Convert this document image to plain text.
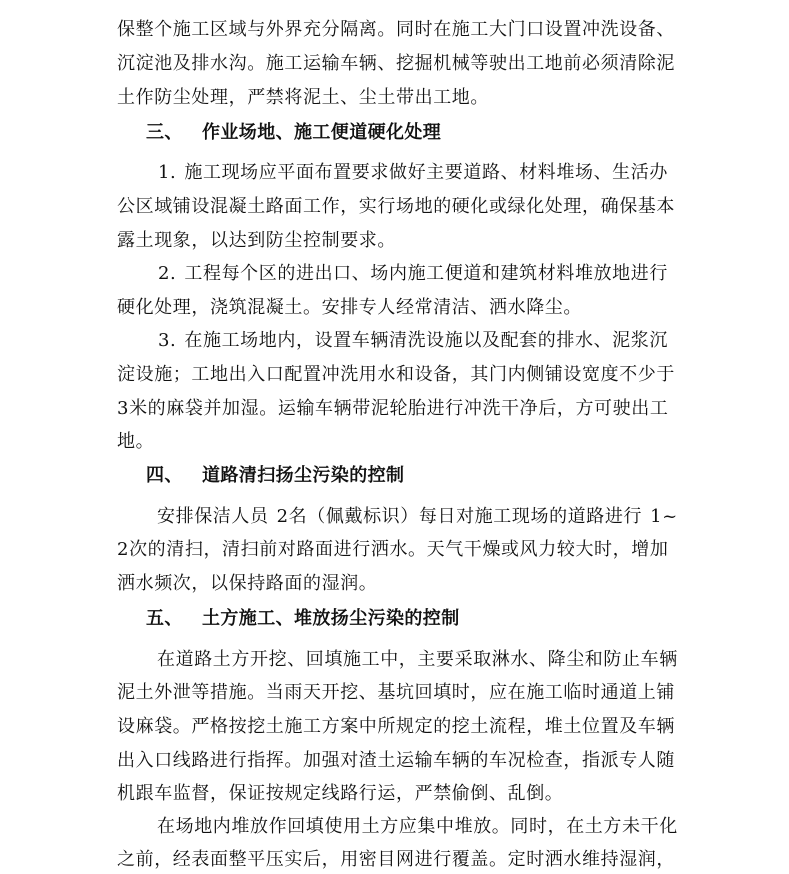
保整个施工区域与外界充分隔离。同时在施工大门口设置冲洗设备、
沉淀池及排水沟。施工运输车辆、挖掘机械等驶出工地前必须清除泥
土作防尘处理，严禁将泥土、尘土带出工地。
三、 作业场地、施工便道硬化处理
1. 施工现场应平面布置要求做好主要道路、材料堆场、生活办
公区域铺设混凝土路面工作，实行场地的硬化或绿化处理，确保基本
露土现象，以达到防尘控制要求。
2. 工程每个区的进出口、场内施工便道和建筑材料堆放地进行
硬化处理，浇筑混凝土。安排专人经常清洁、洒水降尘。
3. 在施工场地内，设置车辆清洗设施以及配套的排水、泥浆沉
淀设施；工地出入口配置冲洗用水和设备，其门内侧铺设宽度不少于
3米的麻袋并加湿。运输车辆带泥轮胎进行冲洗干净后，方可驶出工
地。
四、 道路清扫扬尘污染的控制
安排保洁人员 2名（佩戴标识）每日对施工现场的道路进行 1~
2次的清扫，清扫前对路面进行洒水。天气干燥或风力较大时，增加
洒水频次，以保持路面的湿润。
五、 土方施工、堆放扬尘污染的控制
在道路土方开挖、回填施工中，主要采取淋水、降尘和防止车辆
泥土外泄等措施。当雨天开挖、基坑回填时，应在施工临时通道上铺
设麻袋。严格按挖土施工方案中所规定的挖土流程，堆土位置及车辆
出入口线路进行指挥。加强对渣土运输车辆的车况检查，指派专人随
机跟车监督，保证按规定线路行运，严禁偷倒、乱倒。
在场地内堆放作回填使用土方应集中堆放。同时，在土方未干化
之前，经表面整平压实后，用密目网进行覆盖。定时洒水维持湿润，
